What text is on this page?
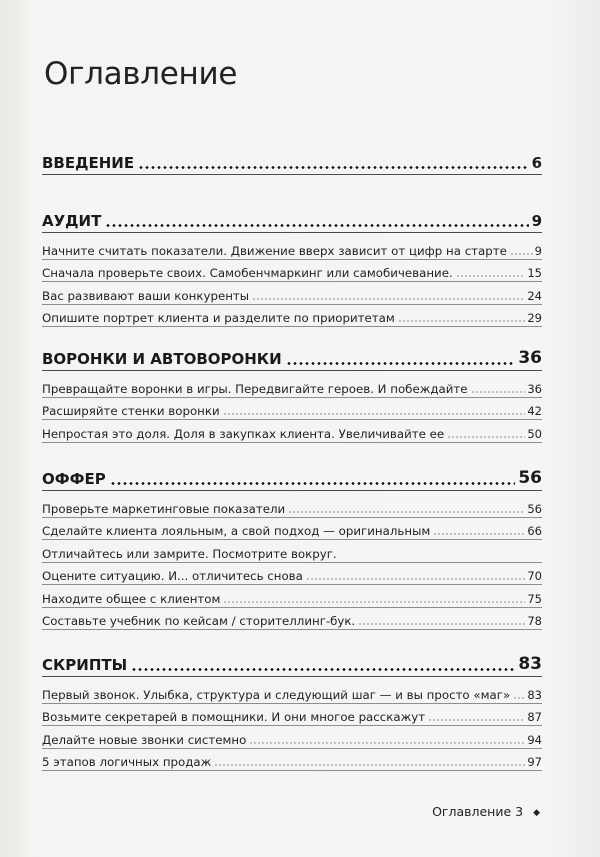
Оглавление
ВВЕДЕНИЕ	6
АУДИТ	9
Начните считать показатели. Движение вверх зависит от цифр на старте 9
Сначала проверьте своих. Самобенчмаркинг или самобичевание.	15
Вас развивают ваши конкуренты	24
Опишите портрет клиента и разделите по приоритетам	29
ВОРОНКИ И АВТОВОРОНКИ	36
Превращайте воронки в игры. Передвигайте героев. И побеждайте	36
Расширяйте стенки воронки	42
Непростая это доля. Доля в закупках клиента. Увеличивайте ее	50
ОФФЕР	56
Проверьте маркетинговые показатели	56
Сделайте клиента лояльным, а свой подход — оригинальным	66
Отличайтесь или замрите. Посмотрите вокруг.
Оцените ситуацию. И... отличитесь снова	70
Находите общее с клиентом	75
Составьте учебник по кейсам / сторителлинг-бук.	78
СКРИПТЫ	83
Первый звонок. Улыбка, структура и следующий шаг — и вы просто «маг» 83
Возьмите секретарей в помощники. И они многое расскажут	87
Делайте новые звонки системно	94
5 этапов логичных продаж	97
Оглавление 3 ◆
